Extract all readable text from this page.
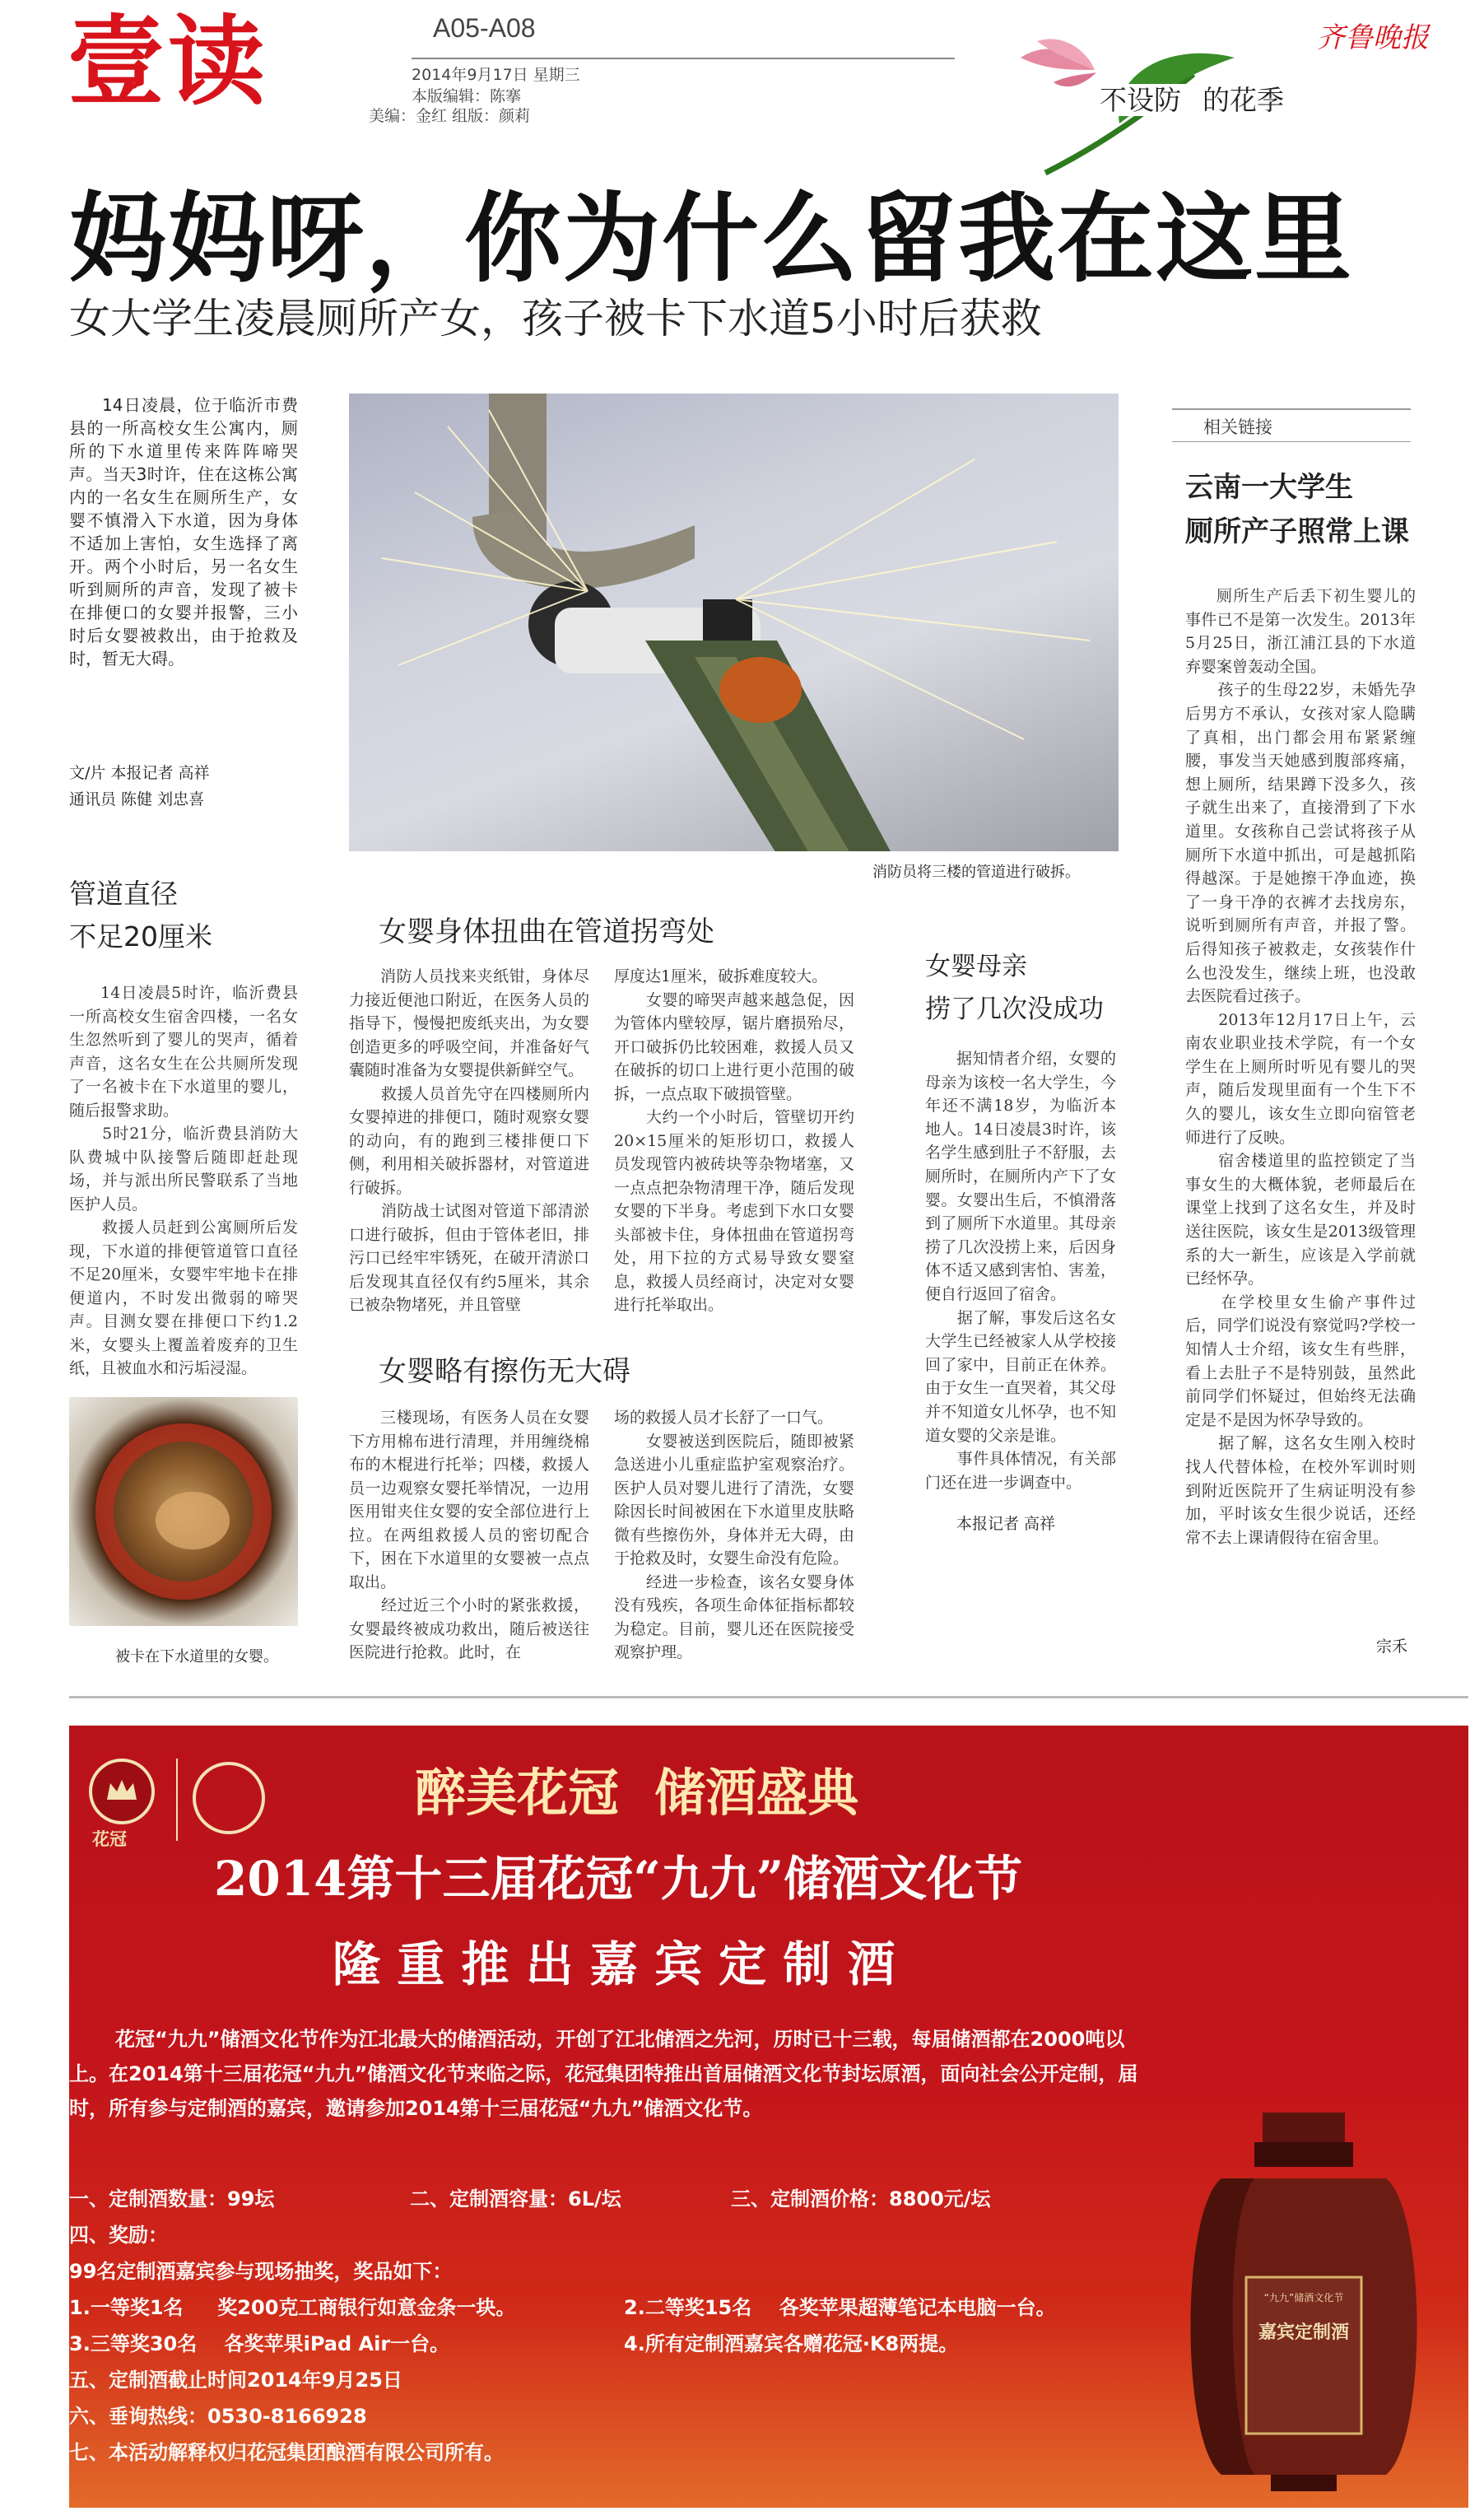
壹读	A05-A08
2014年9月17日 星期三
本版编辑：陈搴
美编：金红 组版：颜莉	不设防 的花季
齐鲁晚报
妈妈呀，你为什么留我在这里
女大学生凌晨厕所产女，孩子被卡下水道5小时后获救
14日凌晨，位于临沂市费县的一所高校女生公寓内，厕所的下水道里传来阵阵啼哭声。当天3时许，住在这栋公寓内的一名女生在厕所生产，女婴不慎滑入下水道，因为身体不适加上害怕，女生选择了离开。两个小时后，另一名女生听到厕所的声音，发现了被卡在排便口的女婴并报警，三小时后女婴被救出，由于抢救及时，暂无大碍。
文/片 本报记者 高祥
通讯员 陈健 刘忠喜
消防员将三楼的管道进行破拆。
相关链接
云南一大学生
厕所产子照常上课
厕所生产后丢下初生婴儿的事件已不是第一次发生。2013年5月25日，浙江浦江县的下水道弃婴案曾轰动全国。
　　孩子的生母22岁，未婚先孕后男方不承认，女孩对家人隐瞒了真相，出门都会用布紧紧缠腰，事发当天她感到腹部疼痛，想上厕所，结果蹲下没多久，孩子就生出来了，直接滑到了下水道里。女孩称自己尝试将孩子从厕所下水道中抓出，可是越抓陷得越深。于是她擦干净血迹，换了一身干净的衣裤才去找房东，说听到厕所有声音，并报了警。后得知孩子被救走，女孩装作什么也没发生，继续上班，也没敢去医院看过孩子。
　　2013年12月17日上午，云南农业职业技术学院，有一个女学生在上厕所时听见有婴儿的哭声，随后发现里面有一个生下不久的婴儿，该女生立即向宿管老师进行了反映。
　　宿舍楼道里的监控锁定了当事女生的大概体貌，老师最后在课堂上找到了这名女生，并及时送往医院，该女生是2013级管理系的大一新生，应该是入学前就已经怀孕。
　　在学校里女生偷产事件过后，同学们说没有察觉吗?学校一知情人士介绍，该女生有些胖，看上去肚子不是特别鼓，虽然此前同学们怀疑过，但始终无法确定是不是因为怀孕导致的。
　　据了解，这名女生刚入校时找人代替体检，在校外军训时则到附近医院开了生病证明没有参加，平时该女生很少说话，还经常不去上课请假待在宿舍里。
宗禾
管道直径
不足20厘米
14日凌晨5时许，临沂费县一所高校女生宿舍四楼，一名女生忽然听到了婴儿的哭声，循着声音，这名女生在公共厕所发现了一名被卡在下水道里的婴儿，随后报警求助。
　　5时21分，临沂费县消防大队费城中队接警后随即赶赴现场，并与派出所民警联系了当地医护人员。
　　救援人员赶到公寓厕所后发现，下水道的排便管道管口直径不足20厘米，女婴牢牢地卡在排便道内，不时发出微弱的啼哭声。目测女婴在排便口下约1.2米，女婴头上覆盖着废弃的卫生纸，且被血水和污垢浸湿。
被卡在下水道里的女婴。
女婴身体扭曲在管道拐弯处
消防人员找来夹纸钳，身体尽力接近便池口附近，在医务人员的指导下，慢慢把废纸夹出，为女婴创造更多的呼吸空间，并准备好气囊随时准备为女婴提供新鲜空气。
　　救援人员首先守在四楼厕所内女婴掉进的排便口，随时观察女婴的动向，有的跑到三楼排便口下侧，利用相关破拆器材，对管道进行破拆。
　　消防战士试图对管道下部清淤口进行破拆，但由于管体老旧，排污口已经牢牢锈死，在破开清淤口后发现其直径仅有约5厘米，其余已被杂物堵死，并且管壁
厚度达1厘米，破拆难度较大。
　　女婴的啼哭声越来越急促，因为管体内壁较厚，锯片磨损殆尽，开口破拆仍比较困难，救援人员又在破拆的切口上进行更小范围的破拆，一点点取下破损管壁。
　　大约一个小时后，管壁切开约20×15厘米的矩形切口，救援人员发现管内被砖块等杂物堵塞，又一点点把杂物清理干净，随后发现女婴的下半身。考虑到下水口女婴头部被卡住，身体扭曲在管道拐弯处，用下拉的方式易导致女婴窒息，救援人员经商讨，决定对女婴进行托举取出。
女婴略有擦伤无大碍
三楼现场，有医务人员在女婴下方用棉布进行清理，并用缠绕棉布的木棍进行托举；四楼，救援人员一边观察女婴托举情况，一边用医用钳夹住女婴的安全部位进行上拉。在两组救援人员的密切配合下，困在下水道里的女婴被一点点取出。
　　经过近三个小时的紧张救援，女婴最终被成功救出，随后被送往医院进行抢救。此时，在
场的救援人员才长舒了一口气。
　　女婴被送到医院后，随即被紧急送进小儿重症监护室观察治疗。医护人员对婴儿进行了清洗，女婴除因长时间被困在下水道里皮肤略微有些擦伤外，身体并无大碍，由于抢救及时，女婴生命没有危险。
　　经进一步检查，该名女婴身体没有残疾，各项生命体征指标都较为稳定。目前，婴儿还在医院接受观察护理。
女婴母亲
捞了几次没成功
据知情者介绍，女婴的母亲为该校一名大学生，今年还不满18岁，为临沂本地人。14日凌晨3时许，该名学生感到肚子不舒服，去厕所时，在厕所内产下了女婴。女婴出生后，不慎滑落到了厕所下水道里。其母亲捞了几次没捞上来，后因身体不适又感到害怕、害羞，便自行返回了宿舍。
　　据了解，事发后这名女大学生已经被家人从学校接回了家中，目前正在休养。由于女生一直哭着，其父母并不知道女儿怀孕，也不知道女婴的父亲是谁。
　　事件具体情况，有关部门还在进一步调查中。
本报记者 高祥
花冠
醉美花冠  储酒盛典
2014第十三届花冠“九九”储酒文化节
隆 重 推 出 嘉 宾 定 制 酒
花冠“九九”储酒文化节作为江北最大的储酒活动，开创了江北储酒之先河，历时已十三载，每届储酒都在2000吨以上。在2014第十三届花冠“九九”储酒文化节来临之际，花冠集团特推出首届储酒文化节封坛原酒，面向社会公开定制，届时，所有参与定制酒的嘉宾，邀请参加2014第十三届花冠“九九”储酒文化节。
一、定制酒数量：99坛	二、定制酒容量：6L/坛	三、定制酒价格：8800元/坛
四、奖励：
99名定制酒嘉宾参与现场抽奖，奖品如下：
1.一等奖1名     奖200克工商银行如意金条一块。	2.二等奖15名    各奖苹果超薄笔记本电脑一台。
3.三等奖30名    各奖苹果iPad Air一台。	4.所有定制酒嘉宾各赠花冠·K8两提。
五、定制酒截止时间2014年9月25日
六、垂询热线：0530-8166928
七、本活动解释权归花冠集团酿酒有限公司所有。
“九九”储酒文化节
嘉宾定制酒
